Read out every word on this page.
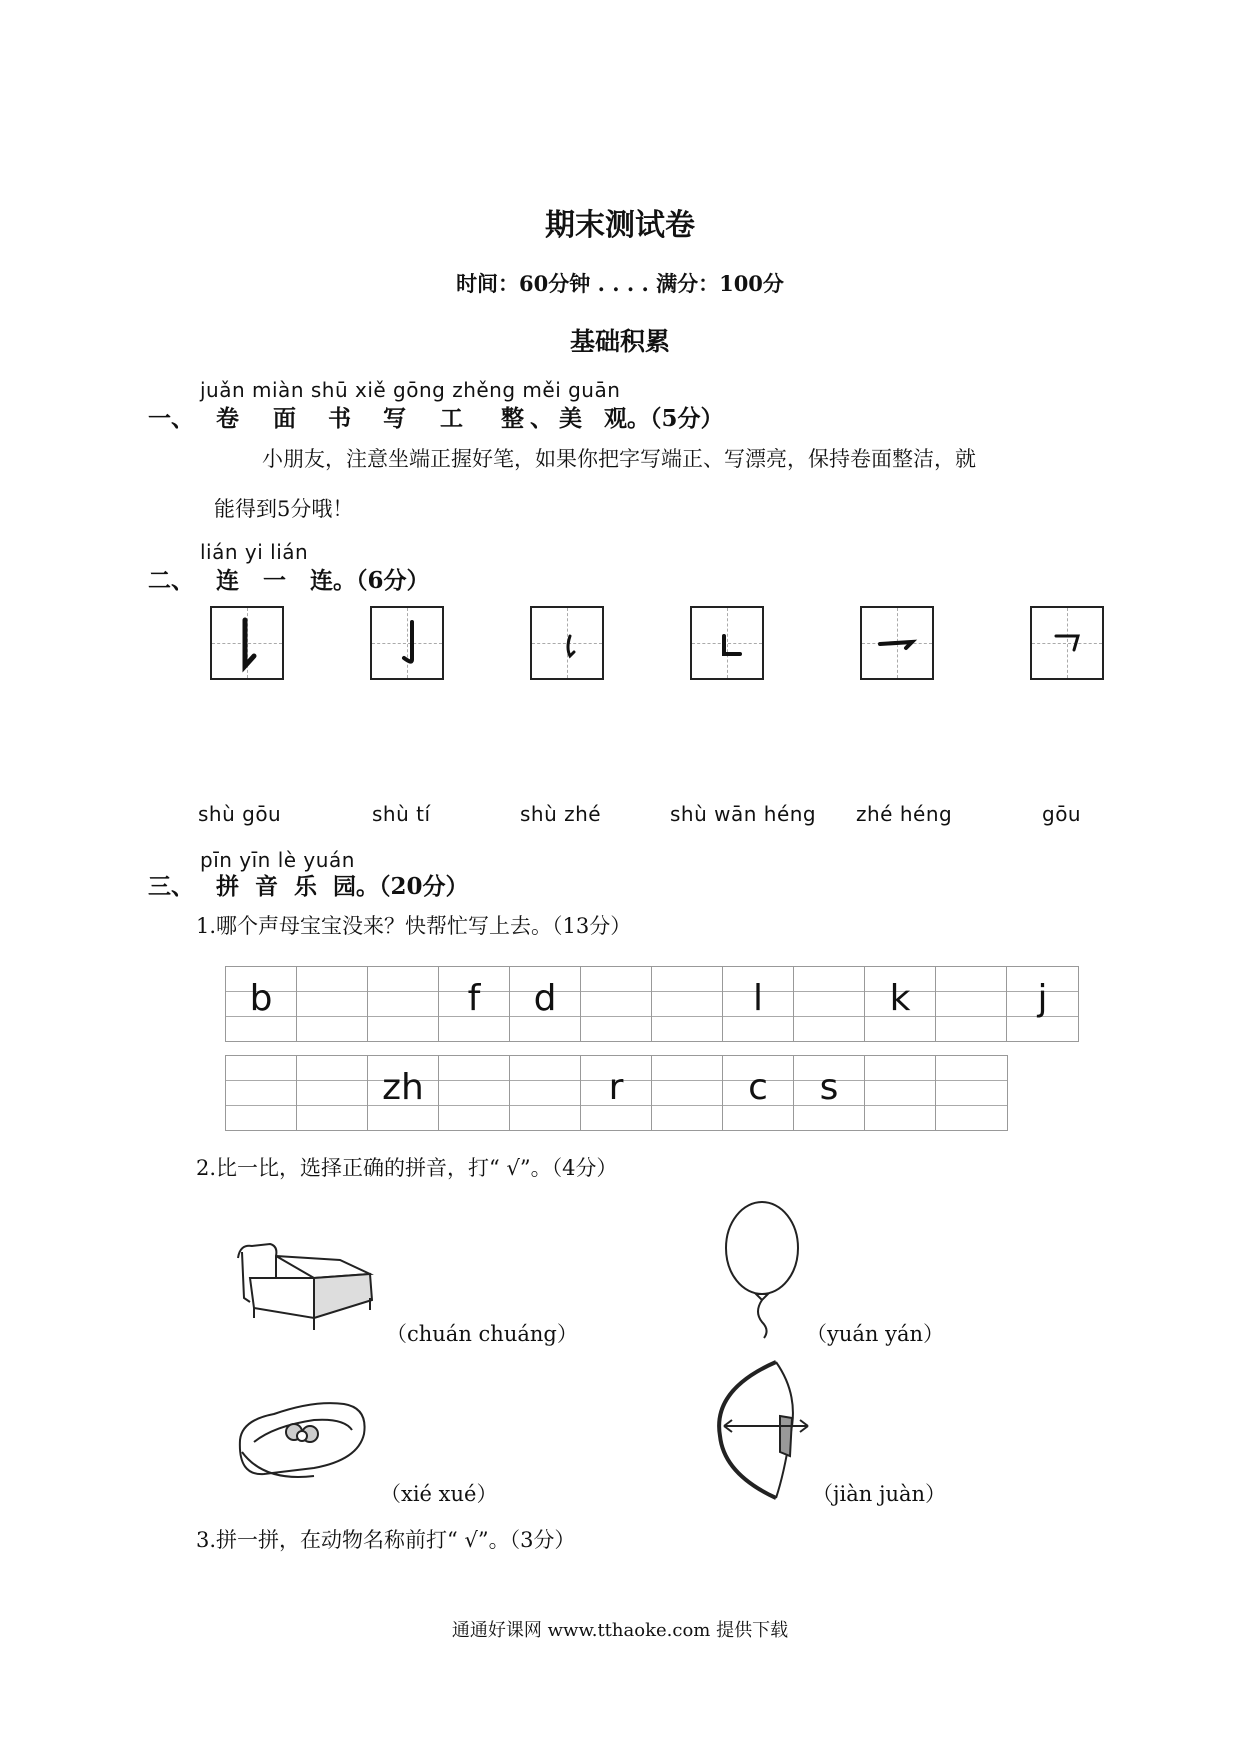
期末测试卷
时间：60分钟 . . . . 满分：100分
基础积累
juǎn miàn shū xiě gōng zhěng měi guān
一、 卷 面 书 写 工 整 、 美 观。（5分）
小朋友，注意坐端正握好笔，如果你把字写端正、写漂亮，保持卷面整洁，就
能得到5分哦！
lián yi lián
二、 连 一 连。（6分）
shù gōu	shù tí	shù zhé	shù wān héng zhé héng	gōu
pīn yīn lè yuán
三、 拼 音 乐 园。（20分）
1.哪个声母宝宝没来？快帮忙写上去。（13分）
b	f	d	l	k	j
zh	r	c	s
2.比一比，选择正确的拼音，打“ √”。（4分）
（chuán chuáng）	（yuán yán）
（xié xué）	（jiàn juàn）
3.拼一拼，在动物名称前打“ √”。（3分）
通通好课网 www.tthaoke.com 提供下载
